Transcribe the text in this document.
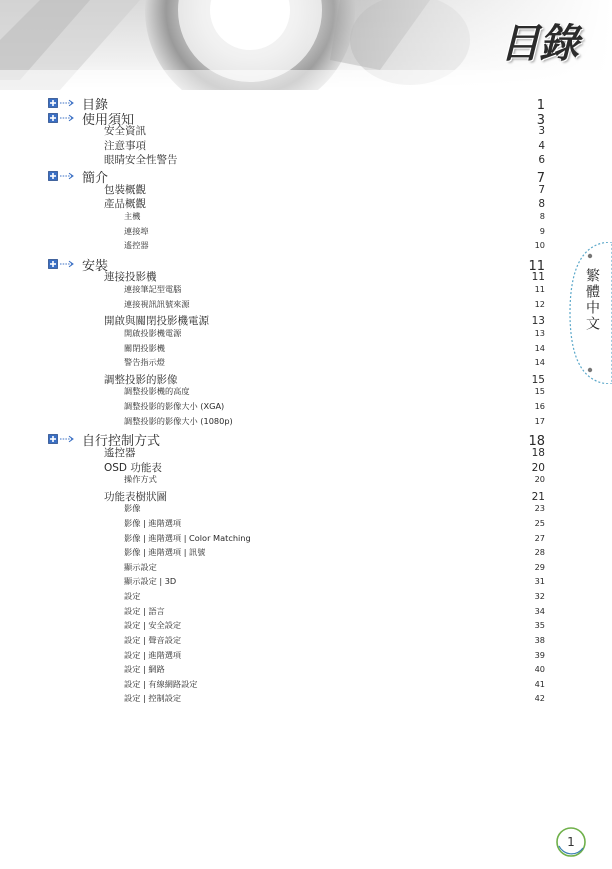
目錄
目錄	1
使用須知	3
安全資訊	3
注意事項	4
眼睛安全性警告	6
簡介	7
包裝概觀	7
產品概觀	8
主機	8
連接埠	9
遙控器	10
安裝	11
連接投影機	11
連接筆記型電腦	11
連接視訊訊號來源	12
開啟與關閉投影機電源	13
開啟投影機電源	13
關閉投影機	14
警告指示燈	14
調整投影的影像	15
調整投影機的高度	15
調整投影的影像大小 (XGA)	16
調整投影的影像大小 (1080p)	17
自行控制方式	18
遙控器	18
OSD 功能表	20
操作方式	20
功能表樹狀圖	21
影像	23
影像 | 進階選項	25
影像 | 進階選項 | Color Matching	27
影像 | 進階選項 | 訊號	28
顯示設定	29
顯示設定 | 3D	31
設定	32
設定 | 語言	34
設定 | 安全設定	35
設定 | 聲音設定	38
設定 | 進階選項	39
設定 | 網路	40
設定 | 有線網路設定	41
設定 | 控制設定	42
繁體中文
1
